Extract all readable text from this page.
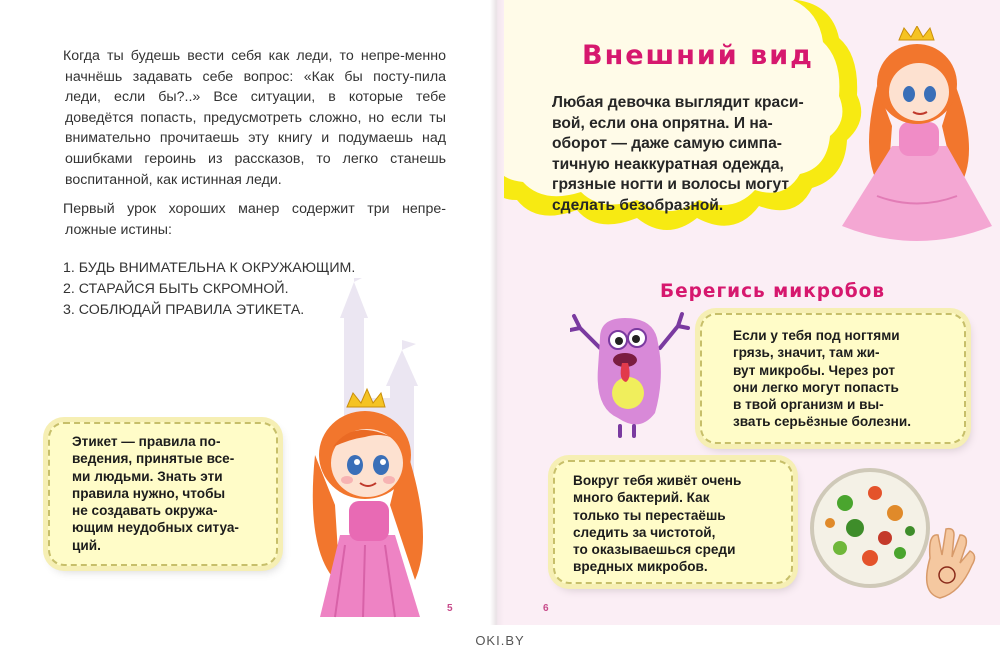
Когда ты будешь вести себя как леди, то непре-менно начнёшь задавать себе вопрос: «Как бы посту-пила леди, если бы?..» Все ситуации, в которые тебе доведётся попасть, предусмотреть сложно, но если ты внимательно прочитаешь эту книгу и подумаешь над ошибками героинь из рассказов, то легко станешь воспитанной, как истинная леди.

Первый урок хороших манер содержит три непре-ложные истины:

1. БУДЬ ВНИМАТЕЛЬНА К ОКРУЖАЮЩИМ.
2. СТАРАЙСЯ БЫТЬ СКРОМНОЙ.
3. СОБЛЮДАЙ ПРАВИЛА ЭТИКЕТА.
Этикет — правила по-
ведения, принятые все-
ми людьми. Знать эти
правила нужно, чтобы
не создавать окружа-
ющим неудобных ситуа-
ций.
5
Внешний вид
Любая девочка выглядит краси-
вой, если она опрятна. И на-
оборот — даже самую симпа-
тичную неаккуратная одежда,
грязные ногти и волосы могут
сделать безобразной.
Берегись микробов
Если у тебя под ногтями
грязь, значит, там жи-
вут микробы. Через рот
они легко могут попасть
в твой организм и вы-
звать серьёзные болезни.
Вокруг тебя живёт очень
много бактерий. Как
только ты перестаёшь
следить за чистотой,
то оказываешься среди
вредных микробов.
6
OKI.BY
